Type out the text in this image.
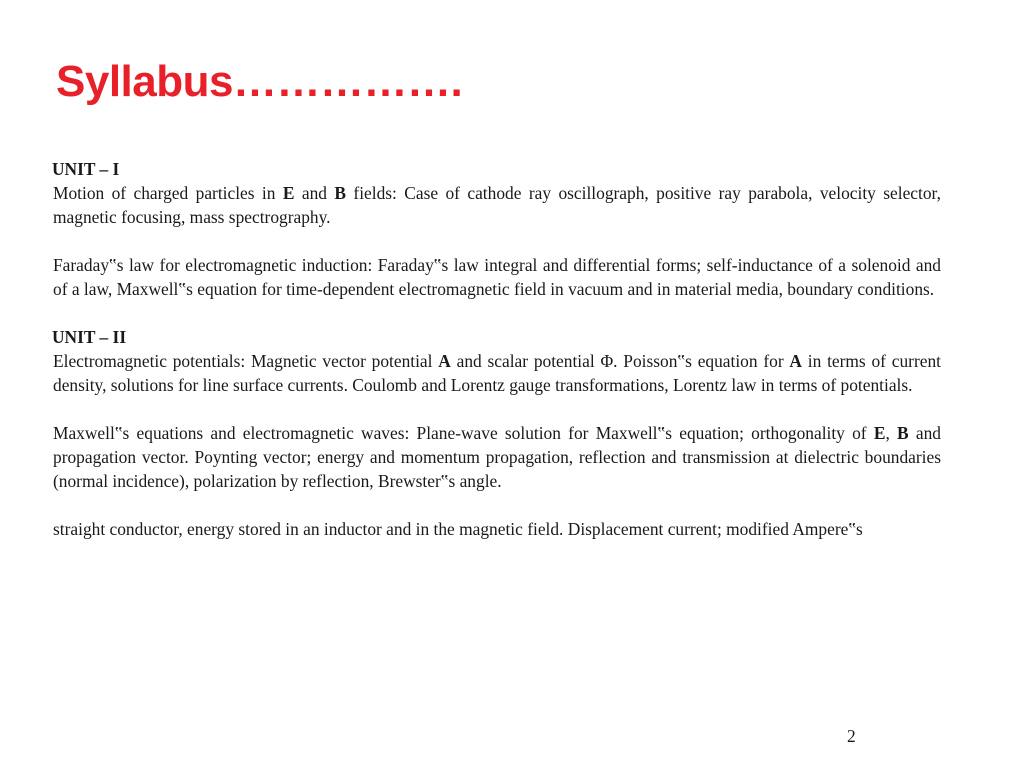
Syllabus…………….
UNIT – I

Motion of charged particles in E and B fields: Case of cathode ray oscillograph, positive ray parabola, velocity selector, magnetic focusing, mass spectrography.

Faraday‟s law for electromagnetic induction: Faraday‟s law integral and differential forms; self-inductance of a solenoid and of a law, Maxwell‟s equation for time-dependent electromagnetic field in vacuum and in material media, boundary conditions.

UNIT – II

Electromagnetic potentials: Magnetic vector potential A and scalar potential Φ. Poisson‟s equation for A in terms of current density, solutions for line surface currents. Coulomb and Lorentz gauge transformations, Lorentz law in terms of potentials.

Maxwell‟s equations and electromagnetic waves: Plane-wave solution for Maxwell‟s equation; orthogonality of E, B and propagation vector. Poynting vector; energy and momentum propagation, reflection and transmission at dielectric boundaries (normal incidence), polarization by reflection, Brewster‟s angle.

straight conductor, energy stored in an inductor and in the magnetic field. Displacement current; modified Ampere‟s

2
